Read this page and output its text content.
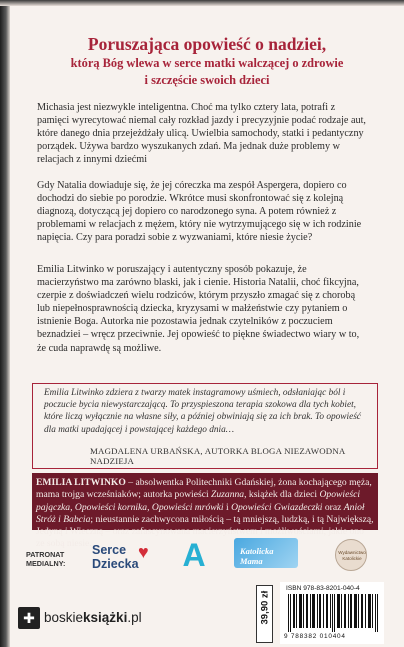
Poruszająca opowieść o nadziei,
którą Bóg wlewa w serce matki walczącej o zdrowie
i szczęście swoich dzieci

Michasia jest niezwykle inteligentna. Choć ma tylko cztery lata, potrafi z pamięci wyrecytować niemal cały rozkład jazdy i precyzyjnie podać rodzaje aut, które danego dnia przejeżdżały ulicą. Uwielbia samochody, statki i pedantyczny porządek. Używa bardzo wyszukanych zdań. Ma jednak duże problemy w relacjach z innymi dziećmi

Gdy Natalia dowiaduje się, że jej córeczka ma zespół Aspergera, dopiero co dochodzi do siebie po porodzie. Wkrótce musi skonfrontować się z kolejną diagnozą, dotyczącą jej dopiero co narodzonego syna. A potem również z problemami w relacjach z mężem, który nie wytrzymującego się w ich rodzinie napięcia. Czy para poradzi sobie z wyzwaniami, które niesie życie?

Emilia Litwinko w poruszający i autentyczny sposób pokazuje, że macierzyństwo ma zarówno blaski, jak i cienie. Historia Natalii, choć fikcyjna, czerpie z doświadczeń wielu rodziców, którym przyszło zmagać się z chorobą lub niepełnosprawnością dziecka, kryzysami w małżeństwie czy pytaniem o istnienie Boga. Autorka nie pozostawia jednak czytelników z poczuciem beznadziei – wręcz przeciwnie. Jej opowieść to piękne świadectwo wiary w to, że cuda naprawdę są możliwe.

Emilia Litwinko zdziera z twarzy matek instagramowy uśmiech, odsłaniając ból i poczucie bycia niewystarczającą. To przyspieszona terapia szokowa dla tych kobiet, które liczą wyłącznie na własne siły, a później obwiniają się za ich brak. To opowieść dla matki upadającej i powstającej każdego dnia…

MAGDALENA URBAŃSKA, AUTORKA BLOGA NIEZAWODNA NADZIEJA

EMILIA LITWINKO – absolwentka Politechniki Gdańskiej, żona kochającego męża, mama trojga wcześniaków; autorka powieści Zuzanna, książek dla dzieci Opowieści pajączka, Opowieści kornika, Opowieści mrówki i Opowieści Gwiazdeczki oraz Anioł Stróż i Babcia; nieustannie zachwycona miłością – tą mniejszą, ludzką, i tą Największą, Jedyną i Wieczną – oraz zafascynowana macierzyństwem i możliwościami, jakie ono ze sobą niesie.

PATRONAT MEDIALNY:
Serce Dziecka
♥ A	Katolicka Mama
Wydawnictwo Katolickie
✚ boskieksiążki.pl	39,90 zł
ISBN 978-83-8201-040-4
9 788382 010404
